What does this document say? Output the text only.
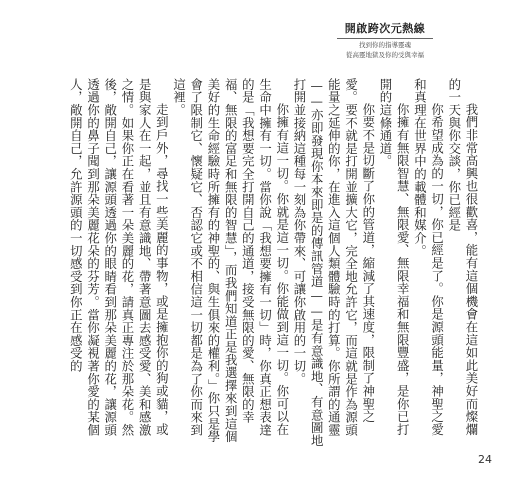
開啟跨次元熱線
找到你的指導靈魂
從高靈地獄及你的受與幸福

我們非常高興也很歡喜，能有這個機會在這如此美好而燦爛的一天與你交談，你已經是

你希望成為的一切，你已經是了。你是源頭能量，神聖之愛和真理在世界中的載體和媒介。

你擁有無限智慧、無限愛、無限幸福和無限豐盛，是你已打開的這條通道。

你要不是切斷了你的管道，縮減了其速度，限制了神聖之愛。要不就是打開並擴大它，完全地允許它，而這就是作為源頭能量之延伸的你，在進入這個人類體驗時的打算。你所謂的通靈——亦即發現你本來即是的傳訊管道——是有意識地、有意圖地打開並接納這種每一刻為你帶來、可讓你啟用的一切。

你擁有這一切。你就是這一切。你能做到這一切。你可以在生命中擁有一切。當你說「我想要擁有一切」時，你真正想表達的是「我想要完全打開自己的通道，接受無限的愛、無限的幸福、無限的富足和無限的智慧」，而我們知道正是我選擇來到這個美好的生命經驗時所擁有的神聖的、與生俱來的權利。」你只是學會了限制它、懷疑它、否認它或不相信這一切都是為了你而來到這裡。

走到戶外，尋找一些美麗的事物，或是擁抱你的狗或貓，或是與家人在一起，並且有意識地、帶著意圖去感受愛、美和感激之情。如果你正在看著一朵美麗的花，請真正專注於那朵花。然後，敞開自己，讓源頭透過你的眼睛看到那朵美麗的花，讓源頭透過你的鼻子聞到那朵美麗花朵的芬芳。當你凝視著你愛的某個人，敞開自己，允許源頭的一切感受到你正在感受的

24
